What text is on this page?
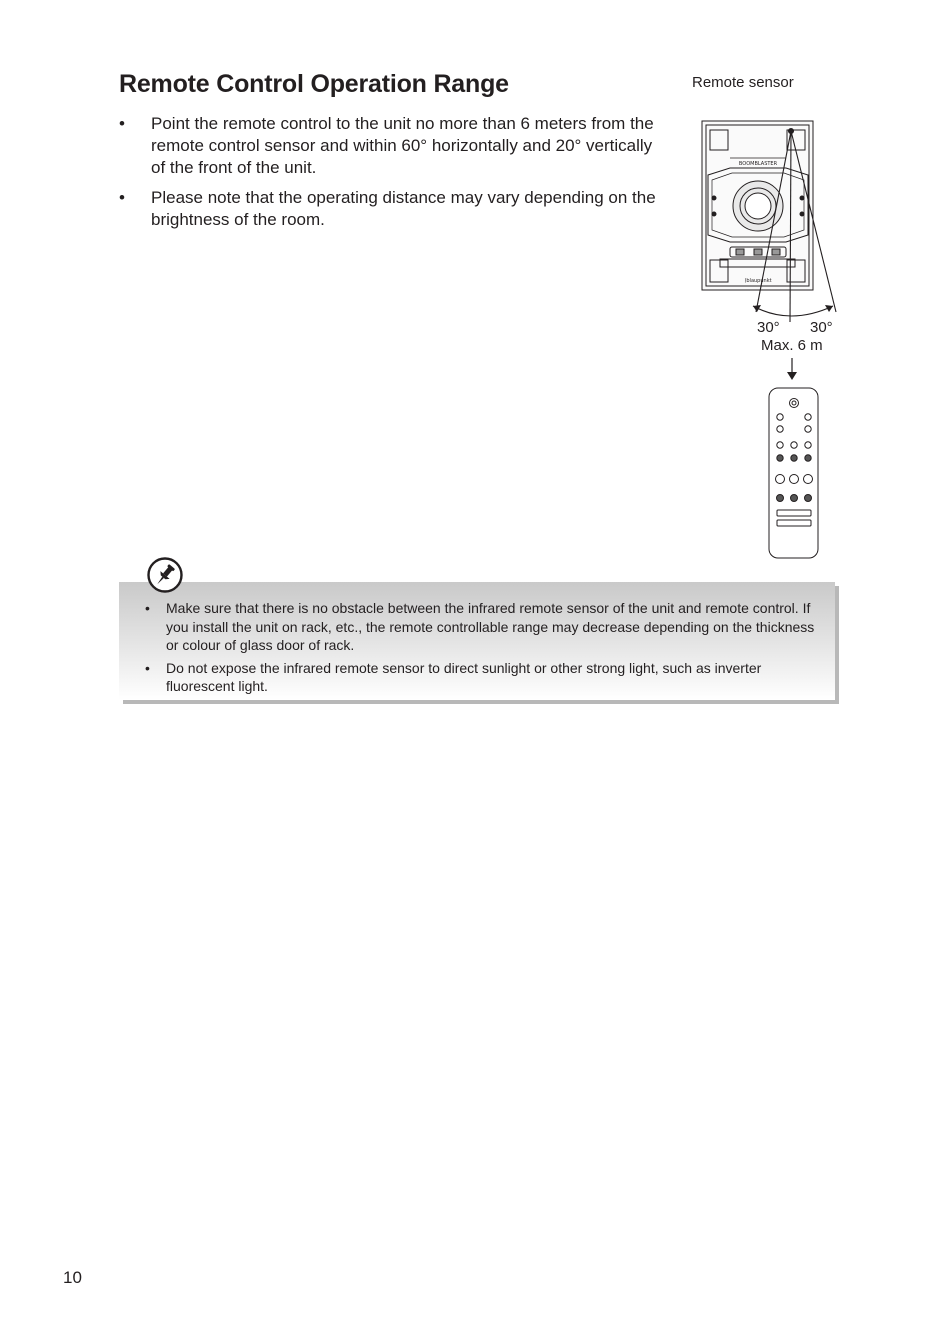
Remote Control Operation Range
• Point the remote control to the unit no more than 6 meters from the remote control sensor and within 60° horizontally and 20° vertically of the front of the unit.
• Please note that the operating distance may vary depending on the brightness of the room.
BOOMBLASTER
)blaupunkt
Remote sensor
30° 30°
Max. 6 m
• Make sure that there is no obstacle between the infrared remote sensor of the unit and remote control. If you install the unit on rack, etc., the remote controllable range may decrease depending on the thickness or colour of glass door of rack.
• Do not expose the infrared remote sensor to direct sunlight or other strong light, such as inverter fluorescent light.
10
